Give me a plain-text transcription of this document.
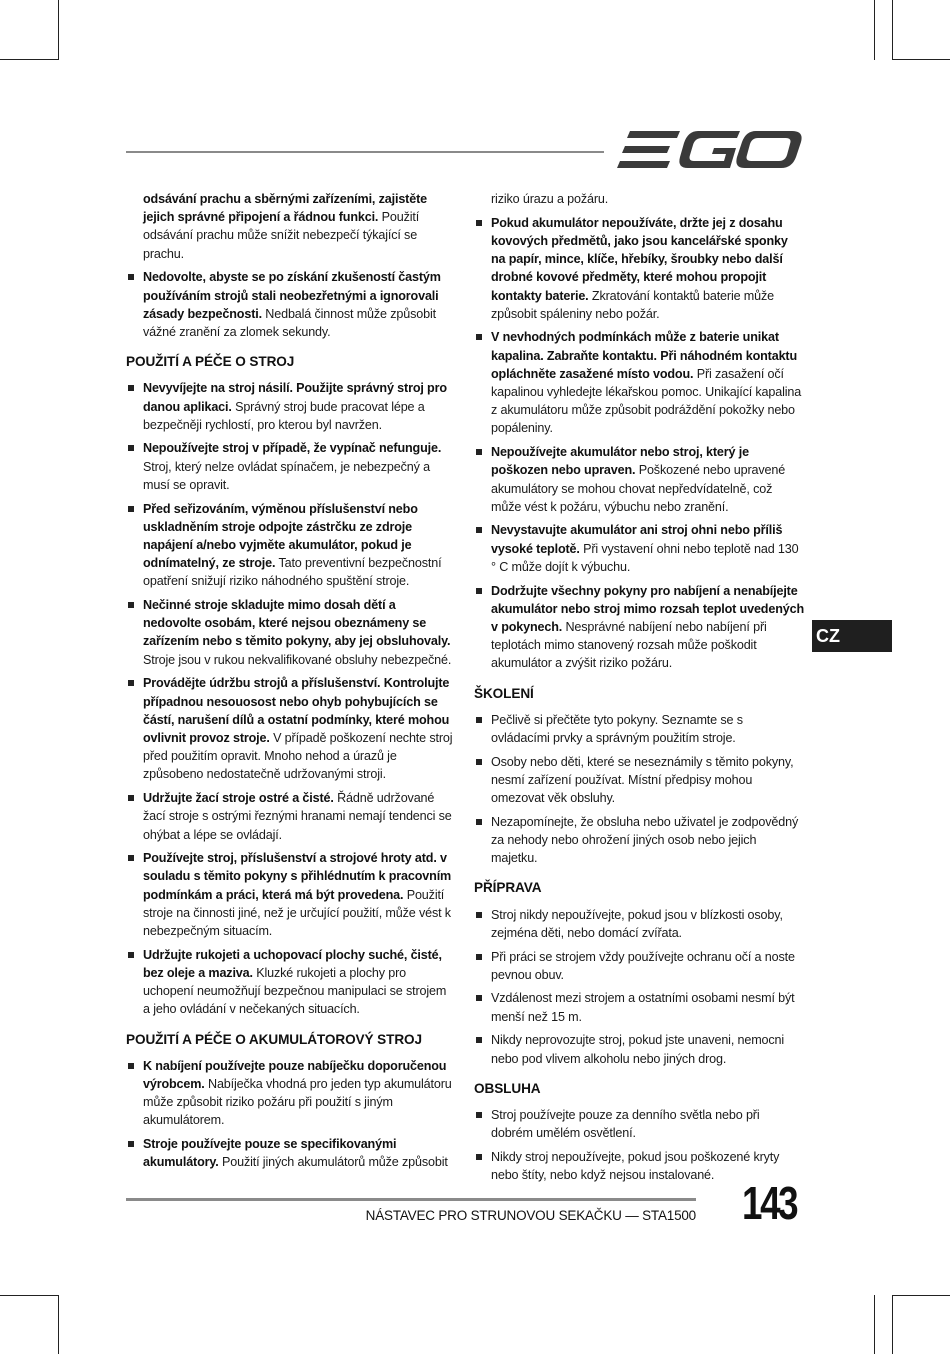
odsávání prachu a sběrnými zařízeními, zajistěte jejich správné připojení a řádnou funkci. Použití odsávání prachu může snížit nebezpečí týkající se prachu.
Nedovolte, abyste se po získání zkušeností častým používáním strojů stali neobezřetnými a ignorovali zásady bezpečnosti. Nedbalá činnost může způsobit vážné zranění za zlomek sekundy.
POUŽITÍ A PÉČE O STROJ
Nevyvíjejte na stroj násilí. Použijte správný stroj pro danou aplikaci. Správný stroj bude pracovat lépe a bezpečněji rychlostí, pro kterou byl navržen.
Nepoužívejte stroj v případě, že vypínač nefunguje. Stroj, který nelze ovládat spínačem, je nebezpečný a musí se opravit.
Před seřizováním, výměnou příslušenství nebo uskladněním stroje odpojte zástrčku ze zdroje napájení a/nebo vyjměte akumulátor, pokud je odnímatelný, ze stroje. Tato preventivní bezpečnostní opatření snižují riziko náhodného spuštění stroje.
Nečinné stroje skladujte mimo dosah dětí a nedovolte osobám, které nejsou obeznámeny se zařízením nebo s těmito pokyny, aby jej obsluhovaly. Stroje jsou v rukou nekvalifikované obsluhy nebezpečné.
Provádějte údržbu strojů a příslušenství. Kontrolujte případnou nesouosost nebo ohyb pohybujících se částí, narušení dílů a ostatní podmínky, které mohou ovlivnit provoz stroje. V případě poškození nechte stroj před použitím opravit. Mnoho nehod a úrazů je způsobeno nedostatečně udržovanými stroji.
Udržujte žací stroje ostré a čisté. Řádně udržované žací stroje s ostrými řeznými hranami nemají tendenci se ohýbat a lépe se ovládají.
Používejte stroj, příslušenství a strojové hroty atd. v souladu s těmito pokyny s přihlédnutím k pracovním podmínkám a práci, která má být provedena. Použití stroje na činnosti jiné, než je určující použití, může vést k nebezpečným situacím.
Udržujte rukojeti a uchopovací plochy suché, čisté, bez oleje a maziva. Kluzké rukojeti a plochy pro uchopení neumožňují bezpečnou manipulaci se strojem a jeho ovládání v nečekaných situacích.
POUŽITÍ A PÉČE O AKUMULÁTOROVÝ STROJ
K nabíjení používejte pouze nabíječku doporučenou výrobcem. Nabíječka vhodná pro jeden typ akumulátoru může způsobit riziko požáru při použití s jiným akumulátorem.
Stroje používejte pouze se specifikovanými akumulátory. Použití jiných akumulátorů může způsobit
riziko úrazu a požáru.
Pokud akumulátor nepoužíváte, držte jej z dosahu kovových předmětů, jako jsou kancelářské sponky na papír, mince, klíče, hřebíky, šroubky nebo další drobné kovové předměty, které mohou propojit kontakty baterie. Zkratování kontaktů baterie může způsobit spáleniny nebo požár.
V nevhodných podmínkách může z baterie unikat kapalina. Zabraňte kontaktu. Při náhodném kontaktu opláchněte zasažené místo vodou. Při zasažení očí kapalinou vyhledejte lékařskou pomoc. Unikající kapalina z akumulátoru může způsobit podráždění pokožky nebo popáleniny.
Nepoužívejte akumulátor nebo stroj, který je poškozen nebo upraven. Poškozené nebo upravené akumulátory se mohou chovat nepředvídatelně, což může vést k požáru, výbuchu nebo zranění.
Nevystavujte akumulátor ani stroj ohni nebo příliš vysoké teplotě. Při vystavení ohni nebo teplotě nad 130 ° C může dojít k výbuchu.
Dodržujte všechny pokyny pro nabíjení a nenabíjejte akumulátor nebo stroj mimo rozsah teplot uvedených v pokynech. Nesprávné nabíjení nebo nabíjení při teplotách mimo stanovený rozsah může poškodit akumulátor a zvýšit riziko požáru.
ŠKOLENÍ
Pečlivě si přečtěte tyto pokyny. Seznamte se s ovládacími prvky a správným použitím stroje.
Osoby nebo děti, které se neseznámily s těmito pokyny, nesmí zařízení používat. Místní předpisy mohou omezovat věk obsluhy.
Nezapomínejte, že obsluha nebo uživatel je zodpovědný za nehody nebo ohrožení jiných osob nebo jejich majetku.
PŘÍPRAVA
Stroj nikdy nepoužívejte, pokud jsou v blízkosti osoby, zejména děti, nebo domácí zvířata.
Při práci se strojem vždy používejte ochranu očí a noste pevnou obuv.
Vzdálenost mezi strojem a ostatními osobami nesmí být menší než 15 m.
Nikdy neprovozujte stroj, pokud jste unaveni, nemocni nebo pod vlivem alkoholu nebo jiných drog.
OBSLUHA
Stroj používejte pouze za denního světla nebo při dobrém umělém osvětlení.
Nikdy stroj nepoužívejte, pokud jsou poškozené kryty nebo štíty, nebo když nejsou instalované.
CZ
NÁSTAVEC PRO STRUNOVOU SEKAČKU — STA1500 143
